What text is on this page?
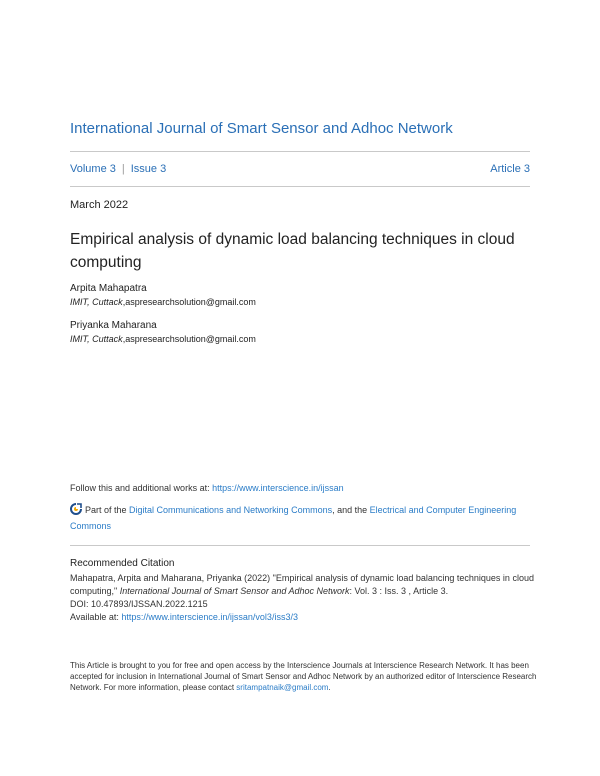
International Journal of Smart Sensor and Adhoc Network
Volume 3 | Issue 3	Article 3
March 2022
Empirical analysis of dynamic load balancing techniques in cloud computing
Arpita Mahapatra
IMIT, Cuttack,aspresearchsolution@gmail.com
Priyanka Maharana
IMIT, Cuttack,aspresearchsolution@gmail.com
Follow this and additional works at: https://www.interscience.in/ijssan
Part of the Digital Communications and Networking Commons, and the Electrical and Computer Engineering Commons
Recommended Citation
Mahapatra, Arpita and Maharana, Priyanka (2022) "Empirical analysis of dynamic load balancing techniques in cloud computing," International Journal of Smart Sensor and Adhoc Network: Vol. 3 : Iss. 3 , Article 3.
DOI: 10.47893/IJSSAN.2022.1215
Available at: https://www.interscience.in/ijssan/vol3/iss3/3
This Article is brought to you for free and open access by the Interscience Journals at Interscience Research Network. It has been accepted for inclusion in International Journal of Smart Sensor and Adhoc Network by an authorized editor of Interscience Research Network. For more information, please contact sritampatnaik@gmail.com.
